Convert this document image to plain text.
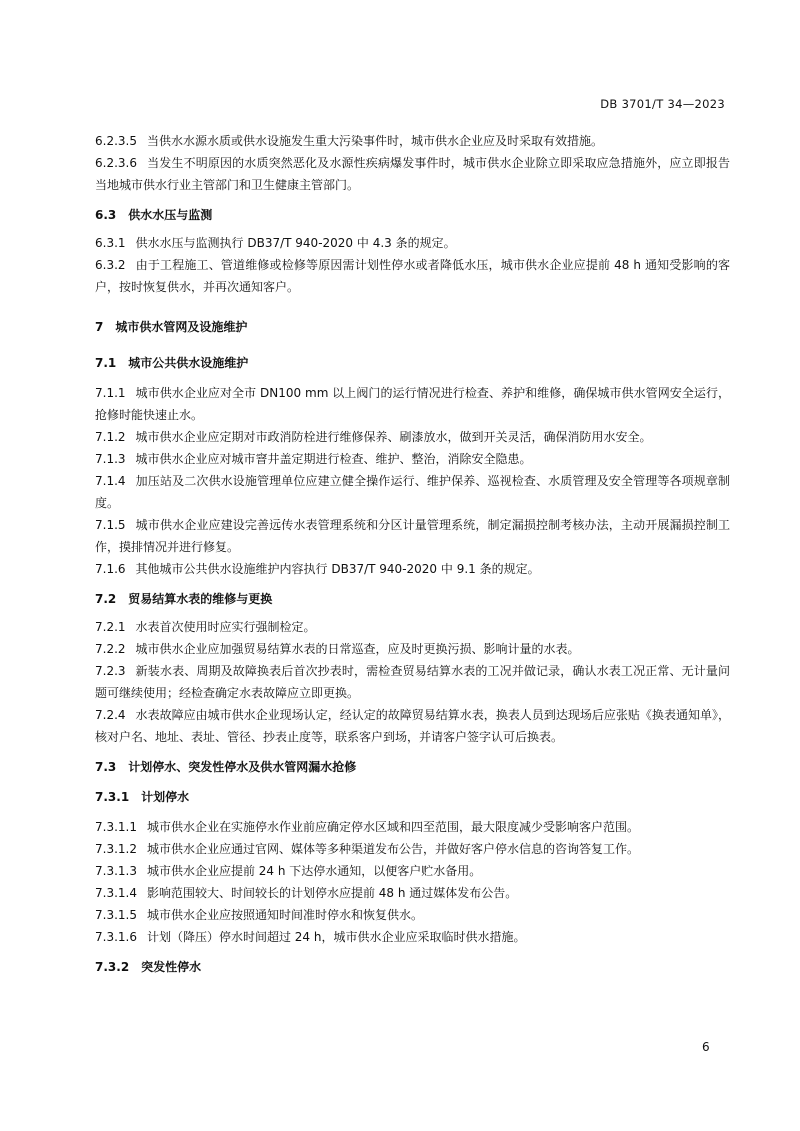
DB 3701/T 34—2023

6.2.3.5 当供水水源水质或供水设施发生重大污染事件时，城市供水企业应及时采取有效措施。

6.2.3.6 当发生不明原因的水质突然恶化及水源性疾病爆发事件时，城市供水企业除立即采取应急措施外，应立即报告当地城市供水行业主管部门和卫生健康主管部门。

6.3 供水水压与监测

6.3.1 供水水压与监测执行 DB37/T 940-2020 中 4.3 条的规定。

6.3.2 由于工程施工、管道维修或检修等原因需计划性停水或者降低水压，城市供水企业应提前 48 h 通知受影响的客户，按时恢复供水，并再次通知客户。

7 城市供水管网及设施维护

7.1 城市公共供水设施维护

7.1.1 城市供水企业应对全市 DN100 mm 以上阀门的运行情况进行检查、养护和维修，确保城市供水管网安全运行，抢修时能快速止水。

7.1.2 城市供水企业应定期对市政消防栓进行维修保养、刷漆放水，做到开关灵活，确保消防用水安全。

7.1.3 城市供水企业应对城市窨井盖定期进行检查、维护、整治，消除安全隐患。

7.1.4 加压站及二次供水设施管理单位应建立健全操作运行、维护保养、巡视检查、水质管理及安全管理等各项规章制度。

7.1.5 城市供水企业应建设完善远传水表管理系统和分区计量管理系统，制定漏损控制考核办法，主动开展漏损控制工作，摸排情况并进行修复。

7.1.6 其他城市公共供水设施维护内容执行 DB37/T 940-2020 中 9.1 条的规定。

7.2 贸易结算水表的维修与更换

7.2.1 水表首次使用时应实行强制检定。

7.2.2 城市供水企业应加强贸易结算水表的日常巡查，应及时更换污损、影响计量的水表。

7.2.3 新装水表、周期及故障换表后首次抄表时，需检查贸易结算水表的工况并做记录，确认水表工况正常、无计量问题可继续使用；经检查确定水表故障应立即更换。

7.2.4 水表故障应由城市供水企业现场认定，经认定的故障贸易结算水表，换表人员到达现场后应张贴《换表通知单》，核对户名、地址、表址、管径、抄表止度等，联系客户到场，并请客户签字认可后换表。

7.3 计划停水、突发性停水及供水管网漏水抢修

7.3.1 计划停水

7.3.1.1 城市供水企业在实施停水作业前应确定停水区域和四至范围，最大限度减少受影响客户范围。

7.3.1.2 城市供水企业应通过官网、媒体等多种渠道发布公告，并做好客户停水信息的咨询答复工作。

7.3.1.3 城市供水企业应提前 24 h 下达停水通知，以便客户贮水备用。

7.3.1.4 影响范围较大、时间较长的计划停水应提前 48 h 通过媒体发布公告。

7.3.1.5 城市供水企业应按照通知时间准时停水和恢复供水。

7.3.1.6 计划（降压）停水时间超过 24 h，城市供水企业应采取临时供水措施。

7.3.2 突发性停水

6
